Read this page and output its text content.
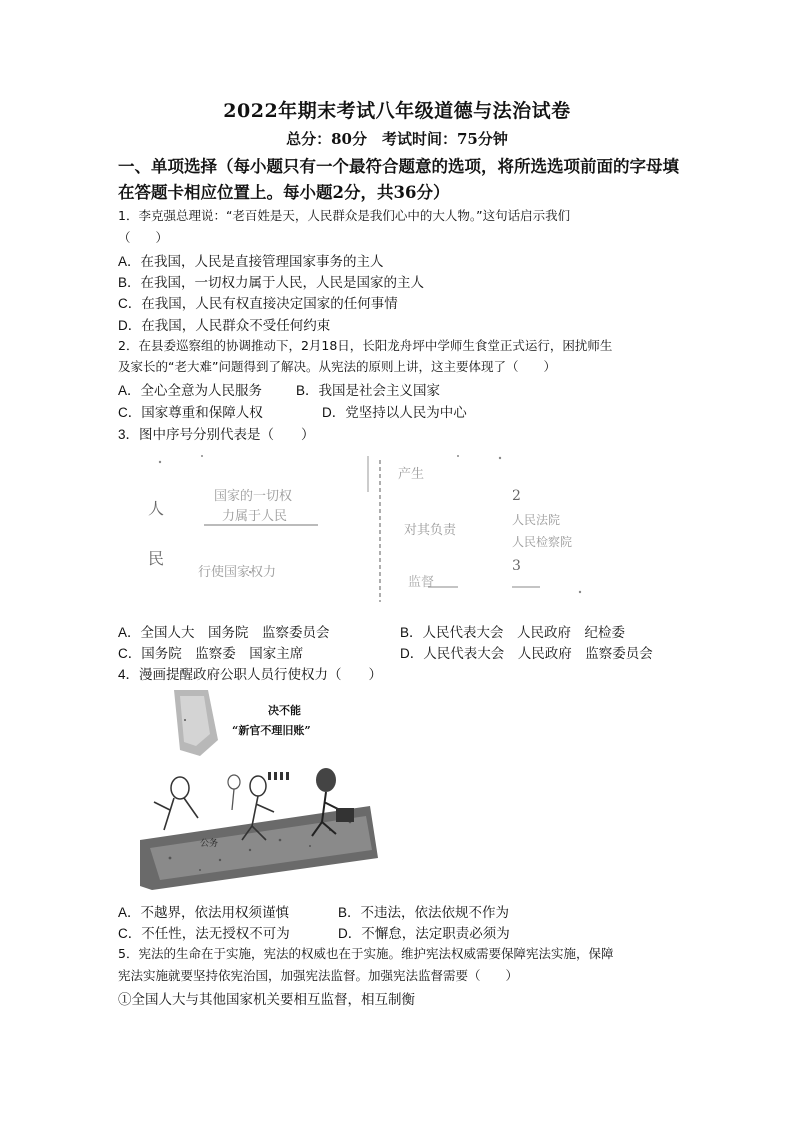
2022年期末考试八年级道德与法治试卷
总分：80分　考试时间：75分钟
一、单项选择（每小题只有一个最符合题意的选项，将所选选项前面的字母填
在答题卡相应位置上。每小题2分，共36分）
1．李克强总理说：“老百姓是天，人民群众是我们心中的大人物。”这句话启示我们
（　　）
A．在我国，人民是直接管理国家事务的主人
B．在我国，一切权力属于人民，人民是国家的主人
C．在我国，人民有权直接决定国家的任何事情
D．在我国，人民群众不受任何约束
2．在县委巡察组的协调推动下，2月18日，长阳龙舟坪中学师生食堂正式运行，困扰师生
及家长的“老大难”问题得到了解决。从宪法的原则上讲，这主要体现了（　　）
A．全心全意为人民服务	B．我国是社会主义国家
C．国家尊重和保障人权	D．党坚持以人民为中心
3．图中序号分别代表是（　　）
人
民
国家的一切权
力属于人民
行使国家权力
产生
2
人民法院
对其负责
人民检察院
3
监督
A．全国人大　国务院　监察委员会	B．人民代表大会　人民政府　纪检委
C．国务院　监察委　国家主席	D．人民代表大会　人民政府　监察委员会
4．漫画提醒政府公职人员行使权力（　　）
决不能
“新官不理旧账”
公务
A．不越界，依法用权须谨慎	B．不违法，依法依规不作为
C．不任性，法无授权不可为	D．不懈怠，法定职责必须为
5．宪法的生命在于实施，宪法的权威也在于实施。维护宪法权威需要保障宪法实施，保障
宪法实施就要坚持依宪治国，加强宪法监督。加强宪法监督需要（　　）
①全国人大与其他国家机关要相互监督，相互制衡
